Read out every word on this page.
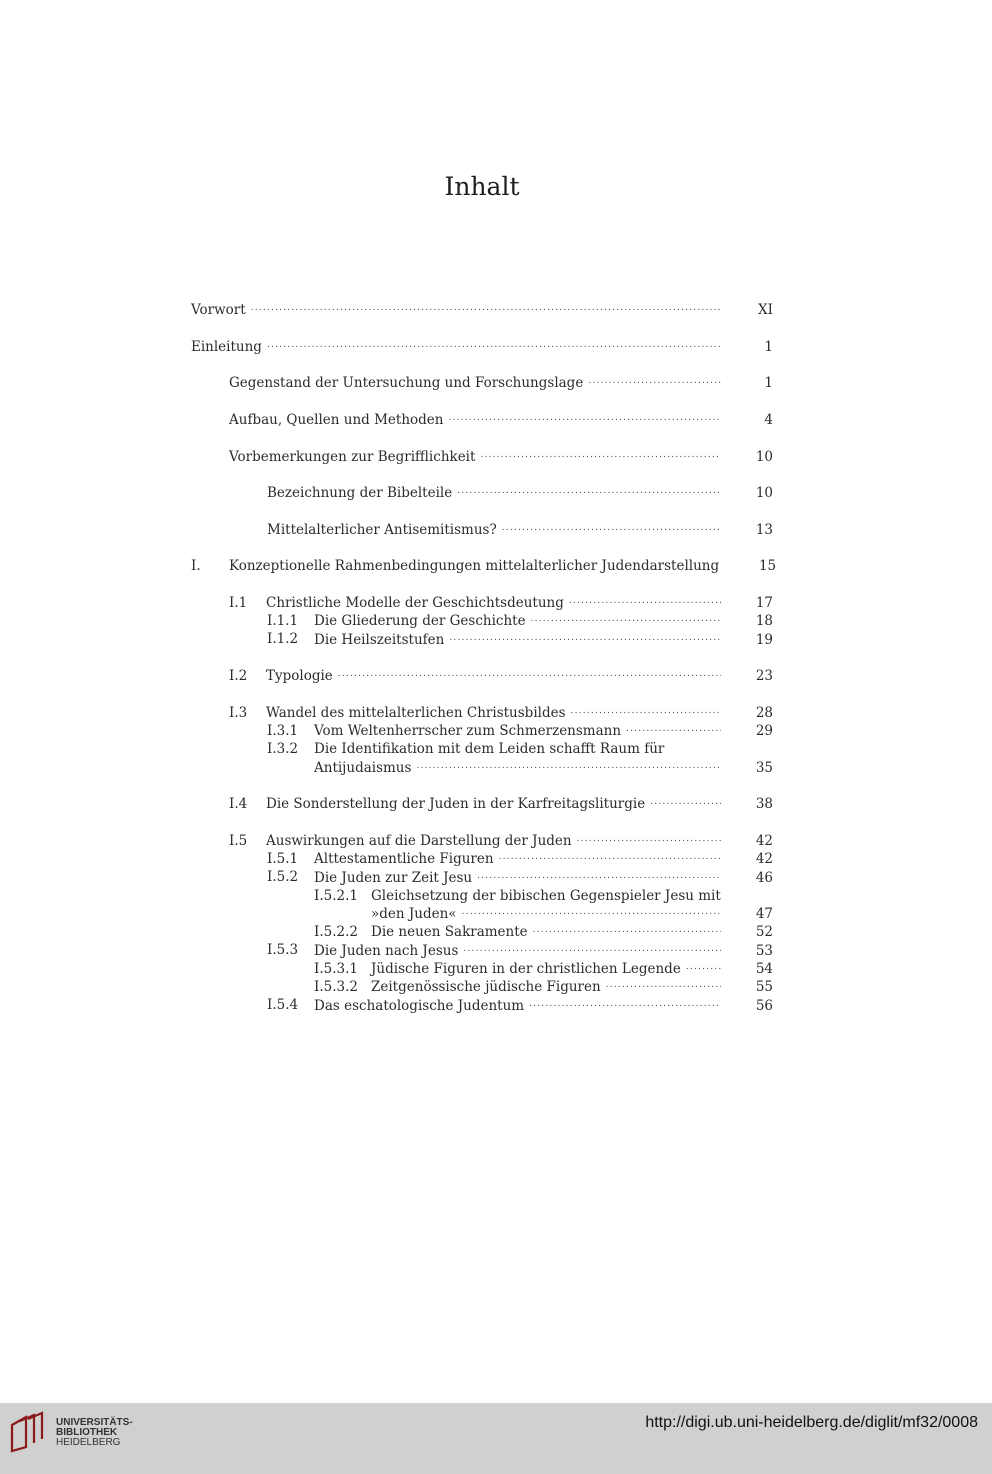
Inhalt
Vorwort .....	XI
Einleitung .....	1
Gegenstand der Untersuchung und Forschungslage .....	1
Aufbau, Quellen und Methoden .....	4
Vorbemerkungen zur Begrifflichkeit .....	10
Bezeichnung der Bibelteile .....	10
Mittelalterlicher Antisemitismus? .....	13
I. Konzeptionelle Rahmenbedingungen mittelalterlicher Judendarstellung	15
I.1 Christliche Modelle der Geschichtsdeutung .....	17
I.1.1 Die Gliederung der Geschichte .....	18
I.1.2 Die Heilszeitstufen .....	19
I.2 Typologie .....	23
I.3 Wandel des mittelalterlichen Christusbildes .....	28
I.3.1 Vom Weltenherrscher zum Schmerzensmann .....	29
I.3.2 Die Identifikation mit dem Leiden schafft Raum für
Antijudaismus .....	35
I.4 Die Sonderstellung der Juden in der Karfreitagsliturgie .....	38
I.5 Auswirkungen auf die Darstellung der Juden .....	42
I.5.1 Alttestamentliche Figuren .....	42
I.5.2 Die Juden zur Zeit Jesu .....	46
I.5.2.1 Gleichsetzung der bibischen Gegenspieler Jesu mit
»den Juden« .....	47
I.5.2.2 Die neuen Sakramente .....	52
I.5.3 Die Juden nach Jesus .....	53
I.5.3.1 Jüdische Figuren in der christlichen Legende .....	54
I.5.3.2 Zeitgenössische jüdische Figuren .....	55
I.5.4 Das eschatologische Judentum .....	56
UNIVERSITÄTS-
BIBLIOTHEK
HEIDELBERG
http://digi.ub.uni-heidelberg.de/diglit/mf32/0008
